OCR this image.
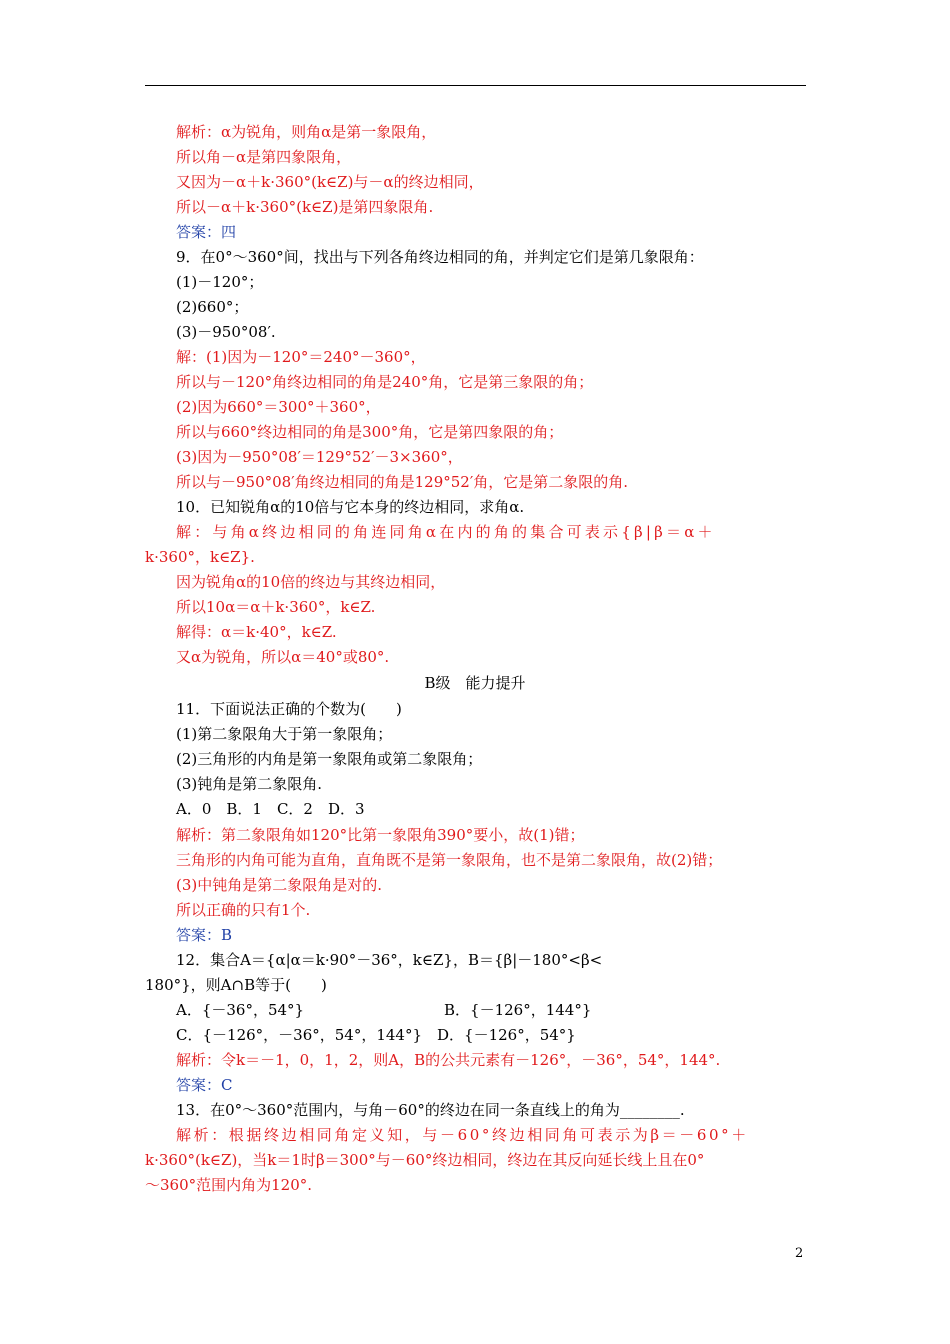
解析：α为锐角，则角α是第一象限角，
所以角－α是第四象限角，
又因为－α＋k·360°(k∈Z)与－α的终边相同，
所以－α＋k·360°(k∈Z)是第四象限角.
答案：四
9．在0°～360°间，找出与下列各角终边相同的角，并判定它们是第几象限角：
(1)－120°；
(2)660°；
(3)－950°08′.
解：(1)因为－120°＝240°－360°，
所以与－120°角终边相同的角是240°角，它是第三象限的角；
(2)因为660°＝300°＋360°，
所以与660°终边相同的角是300°角，它是第四象限的角；
(3)因为－950°08′＝129°52′－3×360°，
所以与－950°08′角终边相同的角是129°52′角，它是第二象限的角.
10．已知锐角α的10倍与它本身的终边相同，求角α.
解：与角α终边相同的角连同角α在内的角的集合可表示{β|β＝α＋
k·360°，k∈Z}.
因为锐角α的10倍的终边与其终边相同，
所以10α＝α＋k·360°，k∈Z.
解得：α＝k·40°，k∈Z.
又α为锐角，所以α＝40°或80°.
B级　能力提升
11．下面说法正确的个数为(　　)
(1)第二象限角大于第一象限角；
(2)三角形的内角是第一象限角或第二象限角；
(3)钝角是第二象限角.
A．0　B．1　C．2　D．3
解析：第二象限角如120°比第一象限角390°要小，故(1)错；
三角形的内角可能为直角，直角既不是第一象限角，也不是第二象限角，故(2)错；
(3)中钝角是第二象限角是对的.
所以正确的只有1个.
答案：B
12．集合A＝{α|α＝k·90°－36°，k∈Z}，B＝{β|－180°<β<
180°}，则A∩B等于(　　)
A．{－36°，54°}	B．{－126°，144°}
C．{－126°，－36°，54°，144°}　D．{－126°，54°}
解析：令k＝－1，0，1，2，则A，B的公共元素有－126°，－36°，54°，144°.
答案：C
13．在0°～360°范围内，与角－60°的终边在同一条直线上的角为________.
解析：根据终边相同角定义知，与－60°终边相同角可表示为β＝－60°＋
k·360°(k∈Z)，当k＝1时β＝300°与－60°终边相同，终边在其反向延长线上且在0°
～360°范围内角为120°.
2
